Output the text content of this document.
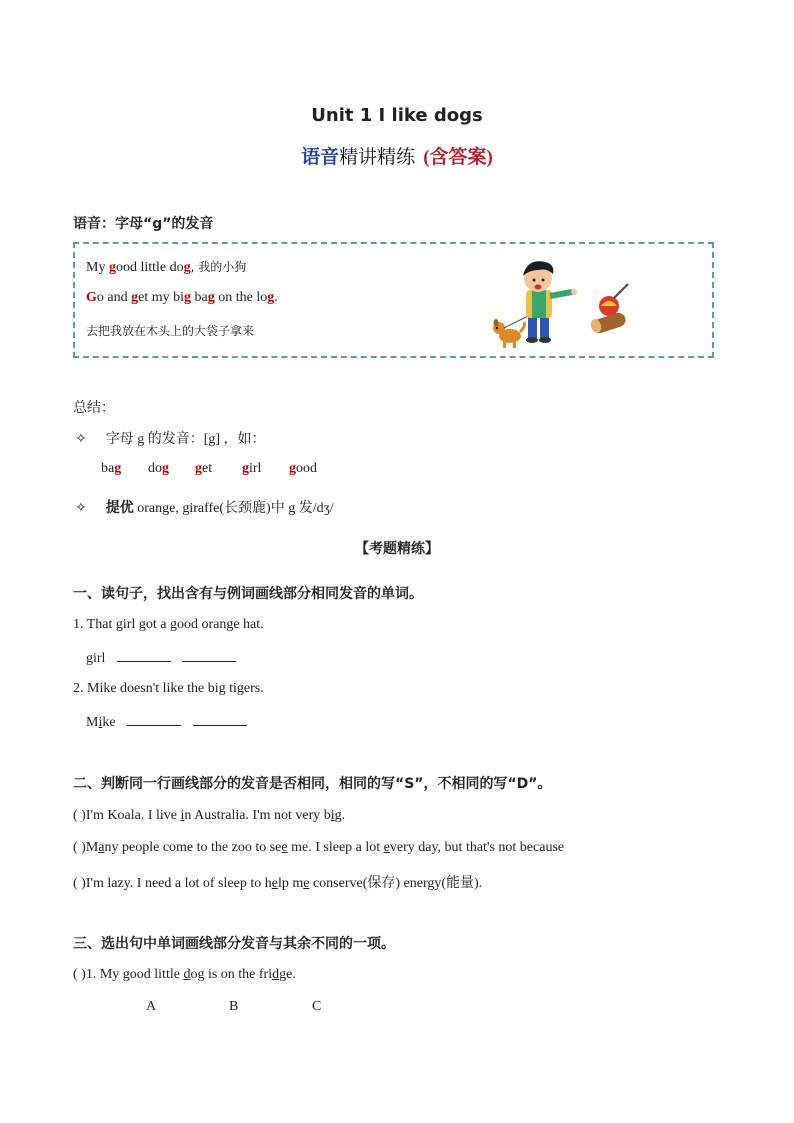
Unit 1 I like dogs
语音精讲精练 (含答案)
语音：字母“g”的发音
My good little dog, 我的小狗
Go and get my big bag on the log.
去把我放在木头上的大袋子拿来
总结：
✧ 字母 g 的发音：[g] ，如：
bag dog get girl good
✧ 提优 orange, giraffe(长颈鹿)中 g 发/dʒ/
【考题精练】
一、读句子，找出含有与例词画线部分相同发音的单词。
1. That girl got a good orange hat.
girl
2. Mike doesn't like the big tigers.
Mike
二、判断同一行画线部分的发音是否相同，相同的写“S”，不相同的写“D”。
( )I'm Koala. I live in Australia. I'm not very big.
( )Many people come to the zoo to see me. I sleep a lot every day, but that's not because
( )I'm lazy. I need a lot of sleep to help me conserve(保存) energy(能量).
三、选出句中单词画线部分发音与其余不同的一项。
( )1. My good little dog is on the fridge.
A	B	C
